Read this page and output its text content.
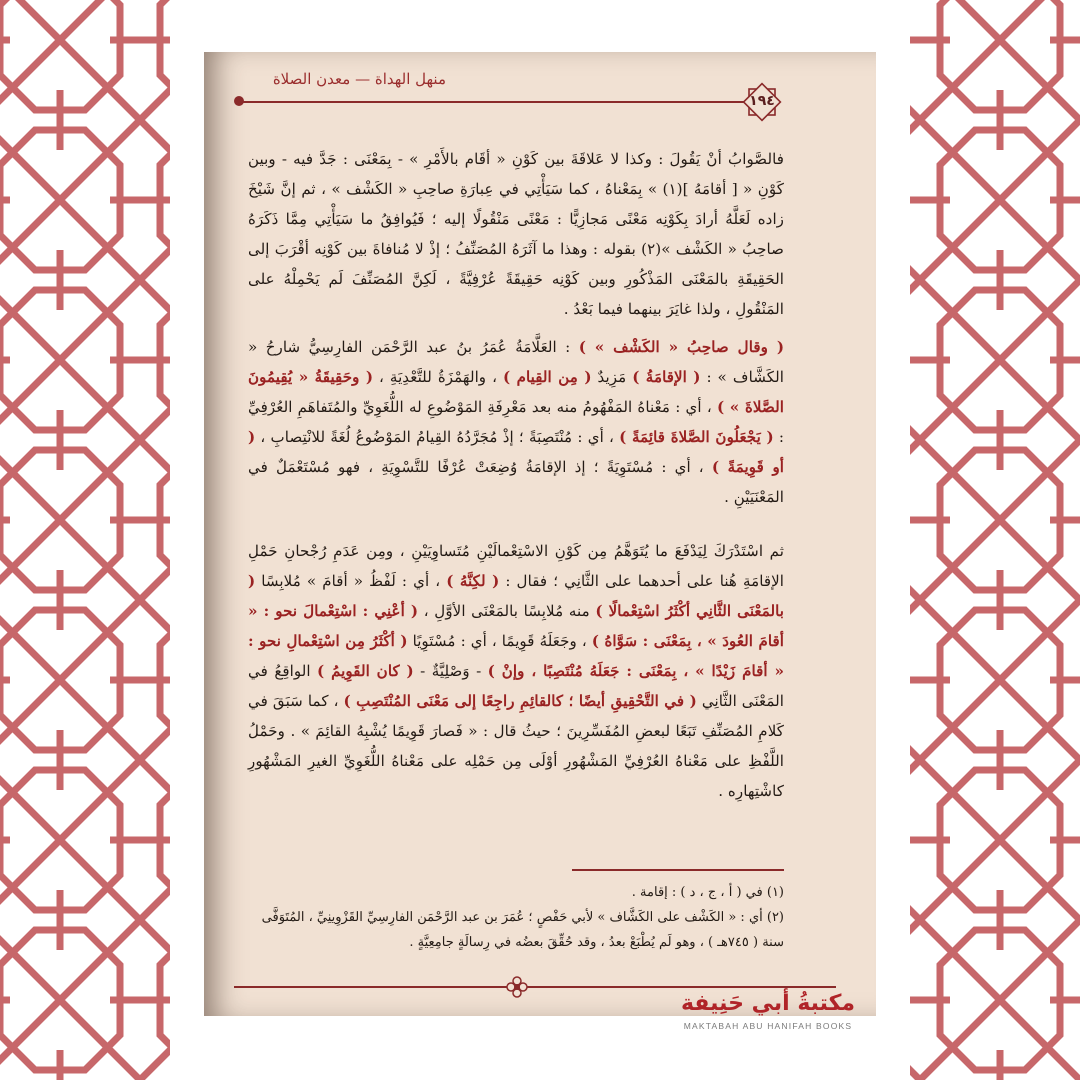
منهل الهداة — معدن الصلاة
١٩٤

فالصَّوابُ أنْ يَقُولَ : وكذا لا عَلاقَةَ بين كَوْنِ « أقَام بالأَمْرِ » - بِمَعْنَى : جَدَّ فيه - وبين كَوْنِ « [ أقامَهُ ](١) » بِمَعْناهُ ، كما سَيَأْتِي في عِبارَةِ صاحِبِ « الكَشْف » ، ثم إنَّ شَيْخَ زاده لَعَلَّهُ أرادَ بِكَوْنِه مَعْنًى مَجازِيًّا : مَعْنًى مَنْقُولًا إليه ؛ فَيُوافِقُ ما سَيَأْتِي مِمَّا ذَكَرَهُ صاحِبُ « الكَشْف »(٢) بقوله : وهذا ما آثَرَهُ المُصَنِّفُ ؛ إذْ لا مُنافاةَ بين كَوْنِه أقْرَبَ إلى الحَقِيقَةِ بالمَعْنَى المَذْكُورِ وبين كَوْنِه حَقِيقَةً عُرْفِيَّةً ، لَكِنَّ المُصَنِّفَ لَم يَحْمِلْهُ على المَنْقُولِ ، ولذا غايَرَ بينهما فيما بَعْدُ .

( وقال صاحِبُ « الكَشْف » ) : العَلَّامَةُ عُمَرُ بنُ عبد الرَّحْمَن الفارِسِيُّ شارحُ « الكَشَّاف » : ( الإقامَةُ ) مَزِيدٌ ( مِن القِيام ) ، والهَمْزَةُ للتَّعْدِيَةِ ، ( وحَقِيقَةُ « يُقِيمُونَ الصَّلاةَ » ) ، أي : مَعْناهُ المَفْهُومُ منه بعد مَعْرِفَةِ المَوْضُوعِ له اللُّغَوِيِّ والمُتَفاهَمِ العُرْفِيِّ : ( يَجْعَلُونَ الصَّلاةَ قائِمَةً ) ، أي : مُنْتَصِبَةً ؛ إذْ مُجَرَّدُهُ القِيامُ المَوْضُوعُ لُغَةً للانْتِصابِ ، ( أو قَوِيمَةً ) ، أي : مُسْتَوِيَةً ؛ إذ الإقامَةُ وُضِعَتْ عُرْفًا للتَّسْوِيَةِ ، فهو مُسْتَعْمَلٌ في المَعْنَيَيْنِ .

ثم اسْتَدْرَكَ لِيَدْفَعَ ما يُتَوَهَّمُ مِن كَوْنِ الاسْتِعْمالَيْنِ مُتَساوِيَيْنِ ، ومِن عَدَمِ رُجْحانِ حَمْلِ الإقامَةِ هُنا على أحدهما على الثَّانِي ؛ فقال : ( لكِنَّهُ ) ، أي : لَفْظُ « أقامَ » مُلابِسًا ( بالمَعْنَى الثَّانِي أكْثَرُ اسْتِعْمالًا ) منه مُلابِسًا بالمَعْنَى الأوَّلِ ، ( أعْنِي : اسْتِعْمالَ نحو : « أقامَ العُودَ » ، بِمَعْنَى : سَوَّاهُ ) ، وجَعَلَهُ قَوِيمًا ، أي : مُسْتَوِيًا ( أكْثَرُ مِن اسْتِعْمالِ نحو : « أقامَ زَيْدًا » ، بِمَعْنَى : جَعَلَهُ مُنْتَصِبًا ، وإنْ ) - وَصْلِيَّةٌ - ( كان القَوِيمُ ) الواقِعُ في المَعْنَى الثَّانِي ( في التَّحْقِيقِ أيضًا ؛ كالقائِمِ راجِعًا إلى مَعْنَى المُنْتَصِبِ ) ، كما سَبَقَ في كَلامِ المُصَنِّفِ تَبَعًا لبعضِ المُفَسِّرِينَ ؛ حيثُ قال : « فَصارَ قَوِيمًا يُشْبِهُ القائِمَ » . وحَمْلُ اللَّفْظِ على مَعْناهُ العُرْفِيِّ المَشْهُورِ أوْلَى مِن حَمْلِه على مَعْناهُ اللُّغَوِيِّ الغيرِ المَشْهُورِ كاشْتِهارِه .

(١) في ( أ ، ج ، د ) : إقامة .

(٢) أي : « الكَشْف على الكَشَّاف » لأبي حَفْصٍ ؛ عُمَرَ بن عبد الرَّحْمَن الفارِسِيِّ القَزْوِينِيِّ ، المُتَوَفَّى سنة ( ٧٤٥هـ ) ، وهو لَم يُطْبَعْ بعدُ ، وقد حُقِّقَ بعضُه في رِسالَةٍ جامِعِيَّةٍ .

مكتبةُ أبي حَنِيفة
MAKTABAH ABU HANIFAH BOOKS
